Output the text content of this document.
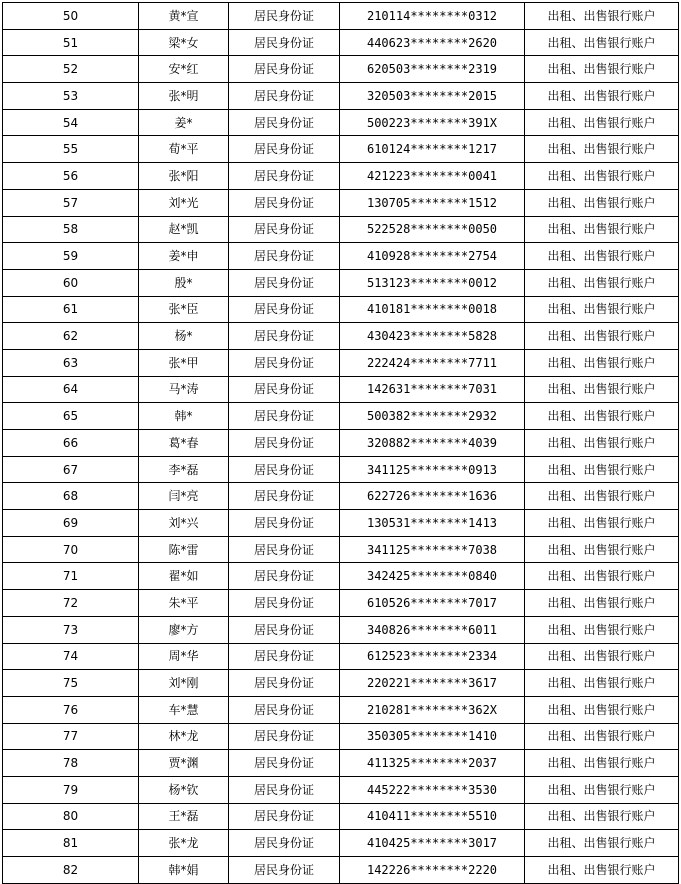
50	黄*宣	居民身份证	210114********0312	出租、出售银行账户
51	梁*女	居民身份证	440623********2620	出租、出售银行账户
52	安*红	居民身份证	620503********2319	出租、出售银行账户
53	张*明	居民身份证	320503********2015	出租、出售银行账户
54	姜*	居民身份证	500223********391X	出租、出售银行账户
55	荀*平	居民身份证	610124********1217	出租、出售银行账户
56	张*阳	居民身份证	421223********0041	出租、出售银行账户
57	刘*光	居民身份证	130705********1512	出租、出售银行账户
58	赵*凯	居民身份证	522528********0050	出租、出售银行账户
59	姜*申	居民身份证	410928********2754	出租、出售银行账户
60	殷*	居民身份证	513123********0012	出租、出售银行账户
61	张*臣	居民身份证	410181********0018	出租、出售银行账户
62	杨*	居民身份证	430423********5828	出租、出售银行账户
63	张*甲	居民身份证	222424********7711	出租、出售银行账户
64	马*涛	居民身份证	142631********7031	出租、出售银行账户
65	韩*	居民身份证	500382********2932	出租、出售银行账户
66	葛*春	居民身份证	320882********4039	出租、出售银行账户
67	李*磊	居民身份证	341125********0913	出租、出售银行账户
68	闫*亮	居民身份证	622726********1636	出租、出售银行账户
69	刘*兴	居民身份证	130531********1413	出租、出售银行账户
70	陈*雷	居民身份证	341125********7038	出租、出售银行账户
71	翟*如	居民身份证	342425********0840	出租、出售银行账户
72	朱*平	居民身份证	610526********7017	出租、出售银行账户
73	廖*方	居民身份证	340826********6011	出租、出售银行账户
74	周*华	居民身份证	612523********2334	出租、出售银行账户
75	刘*刚	居民身份证	220221********3617	出租、出售银行账户
76	车*慧	居民身份证	210281********362X	出租、出售银行账户
77	林*龙	居民身份证	350305********1410	出租、出售银行账户
78	贾*渊	居民身份证	411325********2037	出租、出售银行账户
79	杨*钦	居民身份证	445222********3530	出租、出售银行账户
80	王*磊	居民身份证	410411********5510	出租、出售银行账户
81	张*龙	居民身份证	410425********3017	出租、出售银行账户
82	韩*娟	居民身份证	142226********2220	出租、出售银行账户
